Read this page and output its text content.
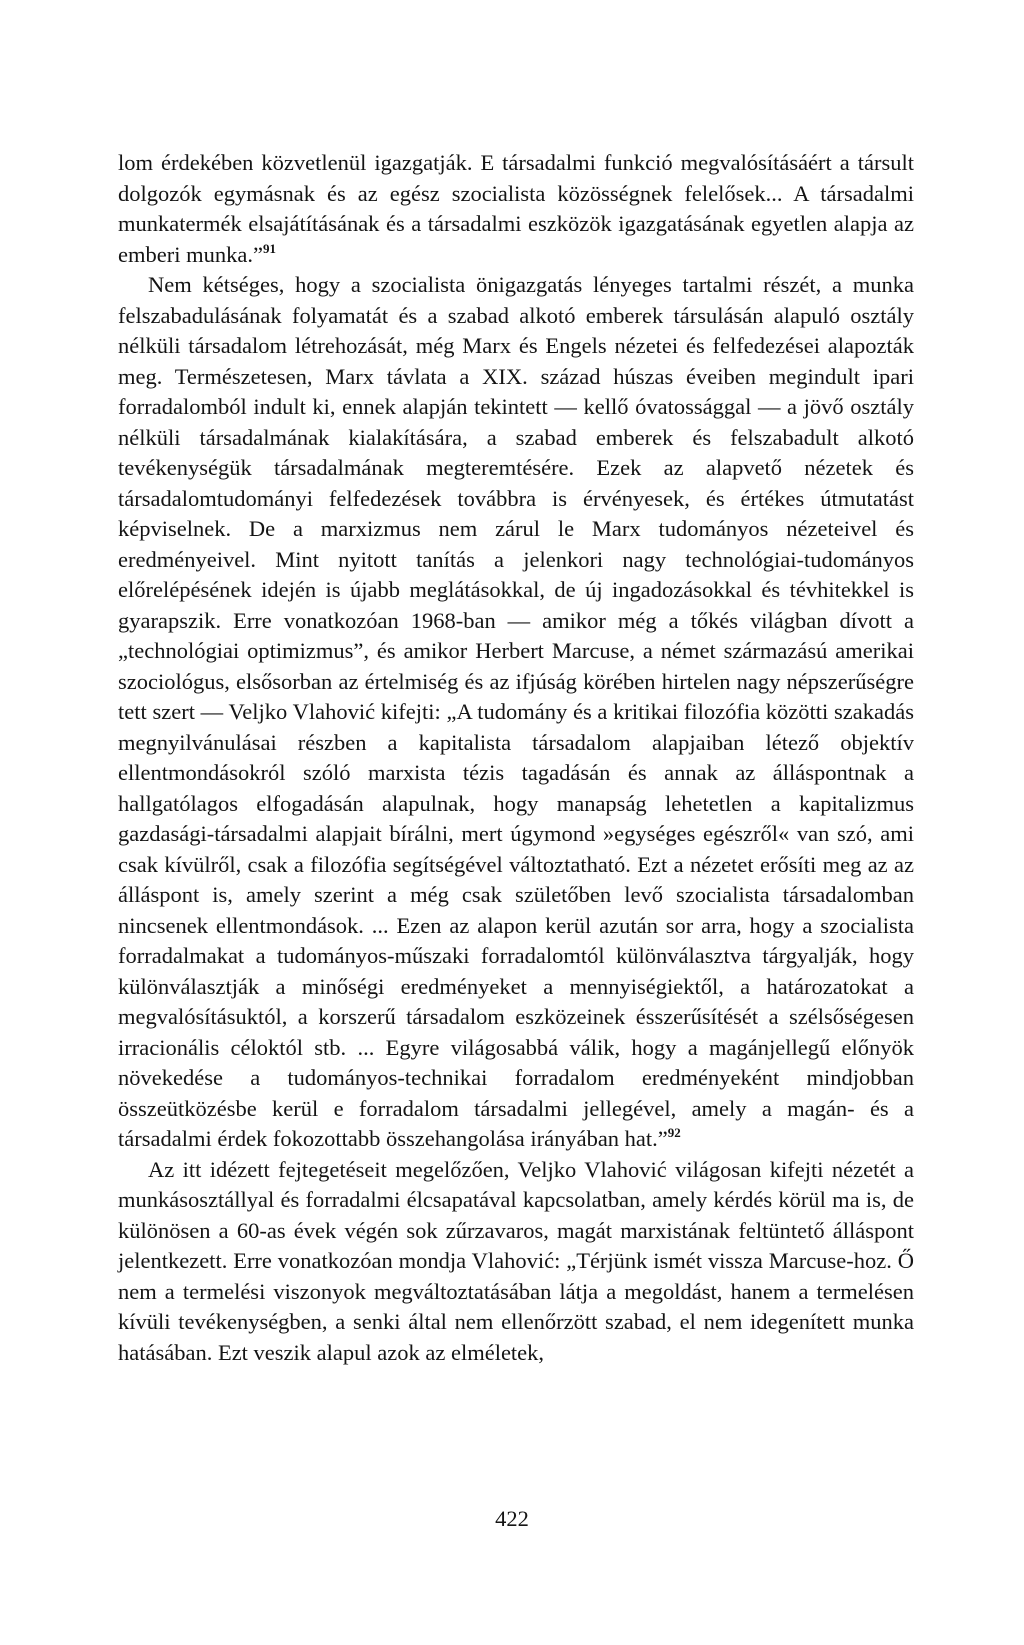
lom érdekében közvetlenül igazgatják. E társadalmi funkció megvalósításáért a társult dolgozók egymásnak és az egész szocialista közösségnek felelősek... A társadalmi munkatermék elsajátításának és a társadalmi eszközök igazgatásának egyetlen alapja az emberi munka.”$^{91}$

Nem kétséges, hogy a szocialista önigazgatás lényeges tartalmi részét, a munka felszabadulásának folyamatát és a szabad alkotó emberek társulásán alapuló osztály nélküli társadalom létrehozását, még Marx és Engels nézetei és felfedezései alapozták meg. Természetesen, Marx távlata a XIX. század húszas éveiben megindult ipari forradalomból indult ki, ennek alapján tekintett — kellő óvatossággal — a jövő osztály nélküli társadalmának kialakítására, a szabad emberek és felszabadult alkotó tevékenységük társadalmának megteremtésére. Ezek az alapvető nézetek és társadalomtudományi felfedezések továbbra is érvényesek, és értékes útmutatást képviselnek. De a marxizmus nem zárul le Marx tudományos nézeteivel és eredményeivel. Mint nyitott tanítás a jelenkori nagy technológiai-tudományos előrelépésének idején is újabb meglátásokkal, de új ingadozásokkal és tévhitekkel is gyarapszik. Erre vonatkozóan 1968-ban — amikor még a tőkés világban dívott a „technológiai optimizmus”, és amikor Herbert Marcuse, a német származású amerikai szociológus, elsősorban az értelmiség és az ifjúság körében hirtelen nagy népszerűségre tett szert — Veljko Vlahović kifejti: „A tudomány és a kritikai filozófia közötti szakadás megnyilvánulásai részben a kapitalista társadalom alapjaiban létező objektív ellentmondásokról szóló marxista tézis tagadásán és annak az álláspontnak a hallgatólagos elfogadásán alapulnak, hogy manapság lehetetlen a kapitalizmus gazdasági-társadalmi alapjait bírálni, mert úgymond »egységes egészről« van szó, ami csak kívülről, csak a filozófia segítségével változtatható. Ezt a nézetet erősíti meg az az álláspont is, amely szerint a még csak születőben levő szocialista társadalomban nincsenek ellentmondások. ... Ezen az alapon kerül azután sor arra, hogy a szocialista forradalmakat a tudományos-műszaki forradalomtól különválasztva tárgyalják, hogy különválasztják a minőségi eredményeket a mennyiségiektől, a határozatokat a megvalósításuktól, a korszerű társadalom eszközeinek ésszerűsítését a szélsőségesen irracionális céloktól stb. ... Egyre világosabbá válik, hogy a magánjellegű előnyök növekedése a tudományos-technikai forradalom eredményeként mindjobban összeütközésbe kerül e forradalom társadalmi jellegével, amely a magán- és a társadalmi érdek fokozottabb összehangolása irányában hat.”$^{92}$

Az itt idézett fejtegetéseit megelőzően, Veljko Vlahović világosan kifejti nézetét a munkásosztállyal és forradalmi élcsapatával kapcsolatban, amely kérdés körül ma is, de különösen a 60-as évek végén sok zűrzavaros, magát marxistának feltüntető álláspont jelentkezett. Erre vonatkozóan mondja Vlahović: „Térjünk ismét vissza Marcuse-hoz. Ő nem a termelési viszonyok megváltoztatásában látja a megoldást, hanem a termelésen kívüli tevékenységben, a senki által nem ellenőrzött szabad, el nem idegenített munka hatásában. Ezt veszik alapul azok az elméletek,

422
